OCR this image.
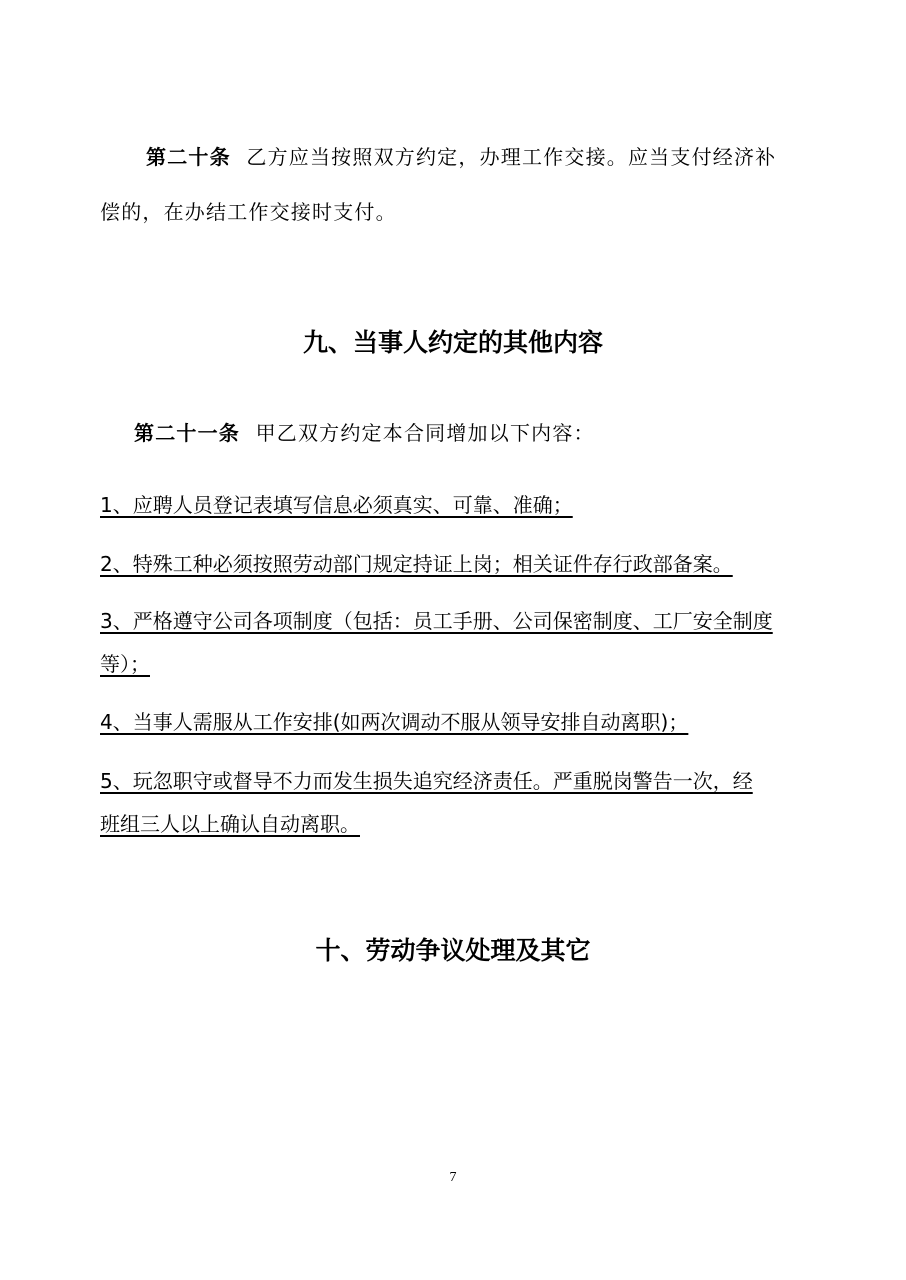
第二十条 乙方应当按照双方约定，办理工作交接。应当支付经济补
偿的，在办结工作交接时支付。
九、当事人约定的其他内容
第二十一条 甲乙双方约定本合同增加以下内容：
1、应聘人员登记表填写信息必须真实、可靠、准确；
2、特殊工种必须按照劳动部门规定持证上岗；相关证件存行政部备案。
3、严格遵守公司各项制度（包括：员工手册、公司保密制度、工厂安全制度
等）；
4、当事人需服从工作安排(如两次调动不服从领导安排自动离职)；
5、玩忽职守或督导不力而发生损失追究经济责任。严重脱岗警告一次，经
班组三人以上确认自动离职。
十、劳动争议处理及其它
7
